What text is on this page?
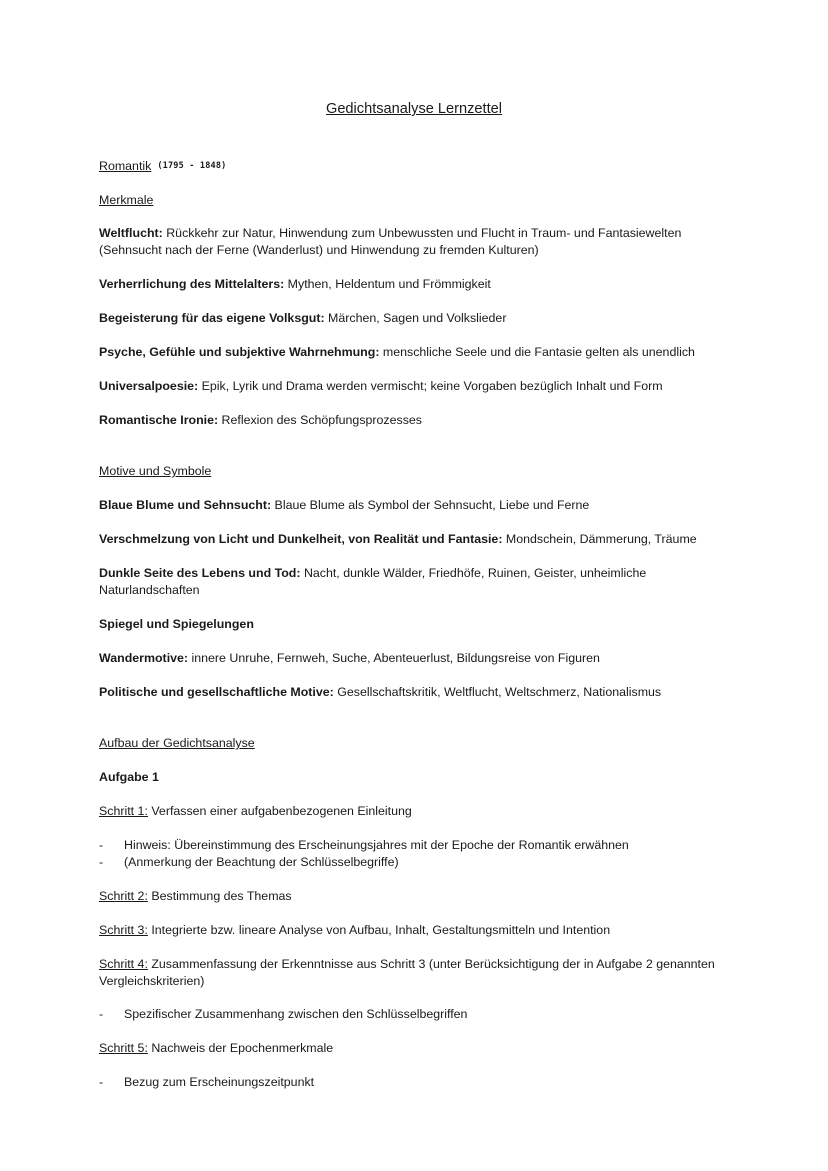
Gedichtsanalyse Lernzettel
Romantik (1795 - 1848)
Merkmale
Weltflucht: Rückkehr zur Natur, Hinwendung zum Unbewussten und Flucht in Traum- und Fantasiewelten (Sehnsucht nach der Ferne (Wanderlust) und Hinwendung zu fremden Kulturen)
Verherrlichung des Mittelalters: Mythen, Heldentum und Frömmigkeit
Begeisterung für das eigene Volksgut: Märchen, Sagen und Volkslieder
Psyche, Gefühle und subjektive Wahrnehmung: menschliche Seele und die Fantasie gelten als unendlich
Universalpoesie: Epik, Lyrik und Drama werden vermischt; keine Vorgaben bezüglich Inhalt und Form
Romantische Ironie: Reflexion des Schöpfungsprozesses
Motive und Symbole
Blaue Blume und Sehnsucht: Blaue Blume als Symbol der Sehnsucht, Liebe und Ferne
Verschmelzung von Licht und Dunkelheit, von Realität und Fantasie: Mondschein, Dämmerung, Träume
Dunkle Seite des Lebens und Tod: Nacht, dunkle Wälder, Friedhöfe, Ruinen, Geister, unheimliche Naturlandschaften
Spiegel und Spiegelungen
Wandermotive: innere Unruhe, Fernweh, Suche, Abenteuerlust, Bildungsreise von Figuren
Politische und gesellschaftliche Motive: Gesellschaftskritik, Weltflucht, Weltschmerz, Nationalismus
Aufbau der Gedichtsanalyse
Aufgabe 1
Schritt 1: Verfassen einer aufgabenbezogenen Einleitung
- Hinweis: Übereinstimmung des Erscheinungsjahres mit der Epoche der Romantik erwähnen
- (Anmerkung der Beachtung der Schlüsselbegriffe)
Schritt 2: Bestimmung des Themas
Schritt 3: Integrierte bzw. lineare Analyse von Aufbau, Inhalt, Gestaltungsmitteln und Intention
Schritt 4: Zusammenfassung der Erkenntnisse aus Schritt 3 (unter Berücksichtigung der in Aufgabe 2 genannten Vergleichskriterien)
- Spezifischer Zusammenhang zwischen den Schlüsselbegriffen
Schritt 5: Nachweis der Epochenmerkmale
- Bezug zum Erscheinungszeitpunkt
